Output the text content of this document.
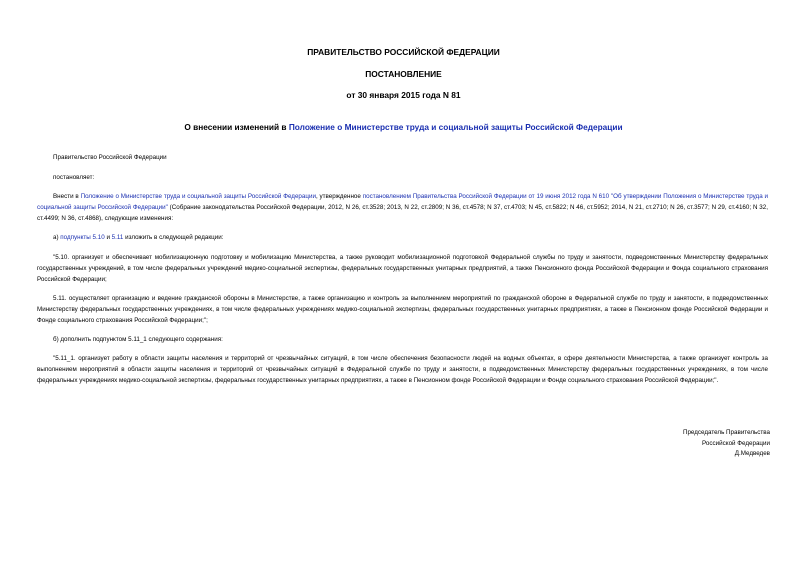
ПРАВИТЕЛЬСТВО РОССИЙСКОЙ ФЕДЕРАЦИИ
ПОСТАНОВЛЕНИЕ
от 30 января 2015 года N 81
О внесении изменений в Положение о Министерстве труда и социальной защиты Российской Федерации
Правительство Российской Федерации
постановляет:
Внести в Положение о Министерстве труда и социальной защиты Российской Федерации, утвержденное постановлением Правительства Российской Федерации от 19 июня 2012 года N 610 "Об утверждении Положения о Министерстве труда и социальной защиты Российской Федерации" (Собрание законодательства Российской Федерации, 2012, N 26, ст.3528; 2013, N 22, ст.2809; N 36, ст.4578; N 37, ст.4703; N 45, ст.5822; N 46, ст.5952; 2014, N 21, ст.2710; N 26, ст.3577; N 29, ст.4160; N 32, ст.4499; N 36, ст.4868), следующие изменения:
а) подпункты 5.10 и 5.11 изложить в следующей редакции:
"5.10. организует и обеспечивает мобилизационную подготовку и мобилизацию Министерства, а также руководит мобилизационной подготовкой Федеральной службы по труду и занятости, подведомственных Министерству федеральных государственных учреждений, в том числе федеральных учреждений медико-социальной экспертизы, федеральных государственных унитарных предприятий, а также Пенсионного фонда Российской Федерации и Фонда социального страхования Российской Федерации;
5.11. осуществляет организацию и ведение гражданской обороны в Министерстве, а также организацию и контроль за выполнением мероприятий по гражданской обороне в Федеральной службе по труду и занятости, в подведомственных Министерству федеральных государственных учреждениях, в том числе федеральных учреждениях медико-социальной экспертизы, федеральных государственных унитарных предприятиях, а также в Пенсионном фонде Российской Федерации и Фонде социального страхования Российской Федерации;";
б) дополнить подпунктом 5.11_1 следующего содержания:
"5.11_1. организует работу в области защиты населения и территорий от чрезвычайных ситуаций, в том числе обеспечения безопасности людей на водных объектах, в сфере деятельности Министерства, а также организует контроль за выполнением мероприятий в области защиты населения и территорий от чрезвычайных ситуаций в Федеральной службе по труду и занятости, в подведомственных Министерству федеральных государственных учреждениях, в том числе федеральных учреждениях медико-социальной экспертизы, федеральных государственных унитарных предприятиях, а также в Пенсионном фонде Российской Федерации и Фонде социального страхования Российской Федерации;".
Председатель Правительства
Российской Федерации
Д.Медведев
